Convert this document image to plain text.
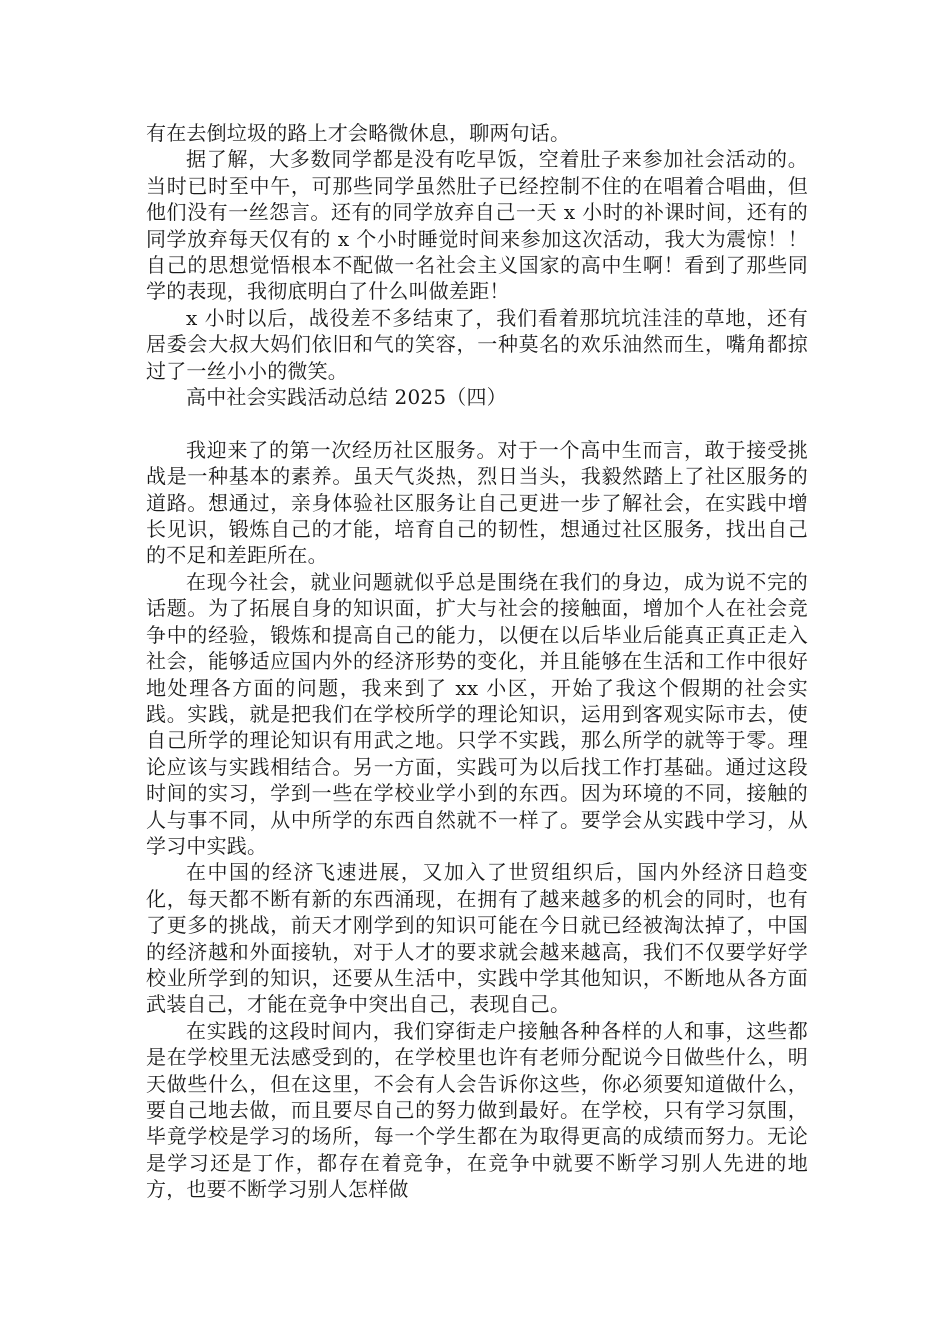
有在去倒垃圾的路上才会略微休息，聊两句话。

据了解，大多数同学都是没有吃早饭，空着肚子来参加社会活动的。当时已时至中午，可那些同学虽然肚子已经控制不住的在唱着合唱曲，但他们没有一丝怨言。还有的同学放弃自己一天 x 小时的补课时间，还有的同学放弃每天仅有的 x 个小时睡觉时间来参加这次活动，我大为震惊！！自己的思想觉悟根本不配做一名社会主义国家的高中生啊！看到了那些同学的表现，我彻底明白了什么叫做差距！

x 小时以后，战役差不多结束了，我们看着那坑坑洼洼的草地，还有居委会大叔大妈们依旧和气的笑容，一种莫名的欢乐油然而生，嘴角都掠过了一丝小小的微笑。

高中社会实践活动总结 2025（四）

我迎来了的第一次经历社区服务。对于一个高中生而言，敢于接受挑战是一种基本的素养。虽天气炎热，烈日当头，我毅然踏上了社区服务的道路。想通过，亲身体验社区服务让自己更进一步了解社会，在实践中增长见识，锻炼自己的才能，培育自己的韧性，想通过社区服务，找出自己的不足和差距所在。

在现今社会，就业问题就似乎总是围绕在我们的身边，成为说不完的话题。为了拓展自身的知识面，扩大与社会的接触面，增加个人在社会竞争中的经验，锻炼和提高自己的能力，以便在以后毕业后能真正真正走入社会，能够适应国内外的经济形势的变化，并且能够在生活和工作中很好地处理各方面的问题，我来到了 xx 小区，开始了我这个假期的社会实践。实践，就是把我们在学校所学的理论知识，运用到客观实际市去，使自己所学的理论知识有用武之地。只学不实践，那么所学的就等于零。理论应该与实践相结合。另一方面，实践可为以后找工作打基础。通过这段时间的实习，学到一些在学校业学小到的东西。因为环境的不同，接触的人与事不同，从中所学的东西自然就不一样了。要学会从实践中学习，从学习中实践。

在中国的经济飞速进展，又加入了世贸组织后，国内外经济日趋变化，每天都不断有新的东西涌现，在拥有了越来越多的机会的同时，也有了更多的挑战，前天才刚学到的知识可能在今日就已经被淘汰掉了，中国的经济越和外面接轨，对于人才的要求就会越来越高，我们不仅要学好学校业所学到的知识，还要从生活中，实践中学其他知识，不断地从各方面武装自己，才能在竞争中突出自己，表现自己。

在实践的这段时间内，我们穿街走户接触各种各样的人和事，这些都是在学校里无法感受到的，在学校里也许有老师分配说今日做些什么，明天做些什么，但在这里，不会有人会告诉你这些，你必须要知道做什么，要自己地去做，而且要尽自己的努力做到最好。在学校，只有学习氛围，毕竟学校是学习的场所，每一个学生都在为取得更高的成绩而努力。无论是学习还是丁作，都存在着竞争，在竞争中就要不断学习别人先进的地方，也要不断学习别人怎样做
